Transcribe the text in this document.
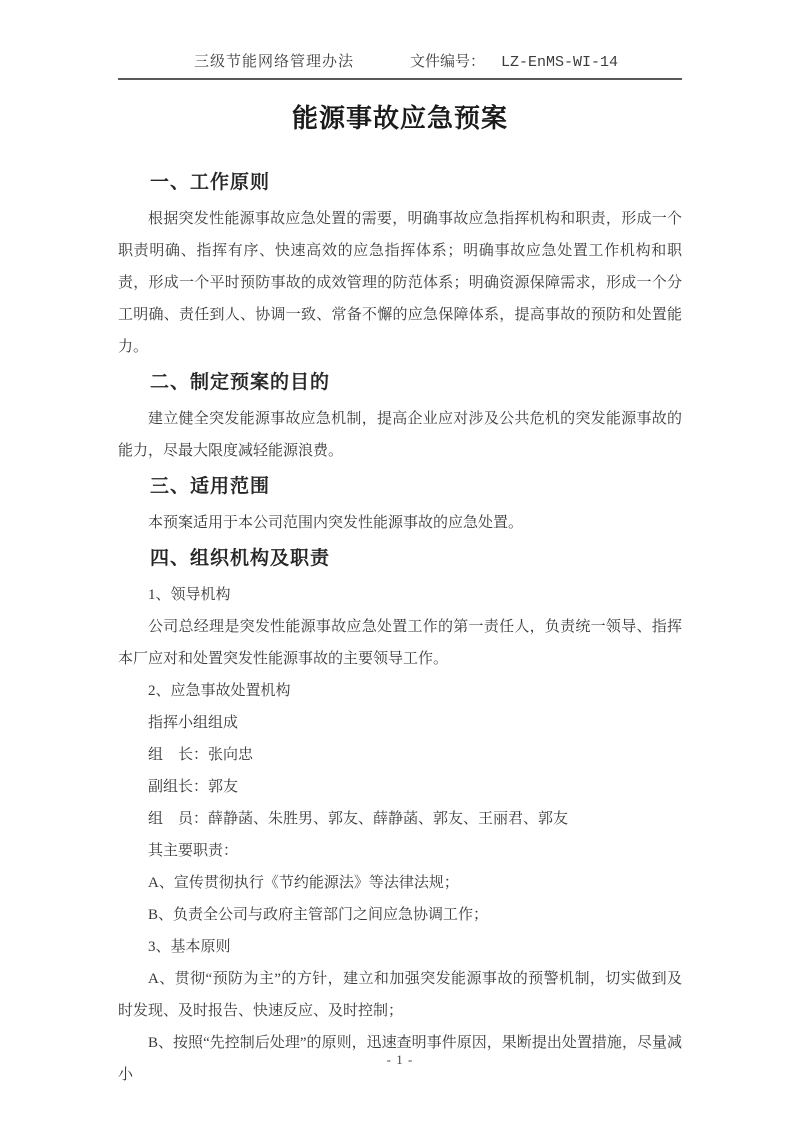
三级节能网络管理办法	文件编号： LZ-EnMS-WI-14
能源事故应急预案
一、工作原则

根据突发性能源事故应急处置的需要，明确事故应急指挥机构和职责，形成一个职责明确、指挥有序、快速高效的应急指挥体系；明确事故应急处置工作机构和职责，形成一个平时预防事故的成效管理的防范体系；明确资源保障需求，形成一个分工明确、责任到人、协调一致、常备不懈的应急保障体系，提高事故的预防和处置能力。

二、制定预案的目的

建立健全突发能源事故应急机制，提高企业应对涉及公共危机的突发能源事故的能力，尽最大限度减轻能源浪费。

三、适用范围

本预案适用于本公司范围内突发性能源事故的应急处置。

四、组织机构及职责

1、领导机构

公司总经理是突发性能源事故应急处置工作的第一责任人，负责统一领导、指挥本厂应对和处置突发性能源事故的主要领导工作。

2、应急事故处置机构

指挥小组组成

组　长：张向忠

副组长：郭友

组　员：薛静菡、朱胜男、郭友、薛静菡、郭友、王丽君、郭友

其主要职责：

A、宣传贯彻执行《节约能源法》等法律法规；

B、负责全公司与政府主管部门之间应急协调工作；

3、基本原则

A、贯彻“预防为主”的方针，建立和加强突发能源事故的预警机制，切实做到及时发现、及时报告、快速反应、及时控制；

B、按照“先控制后处理”的原则，迅速查明事件原因，果断提出处置措施，尽量减小

- 1 -
